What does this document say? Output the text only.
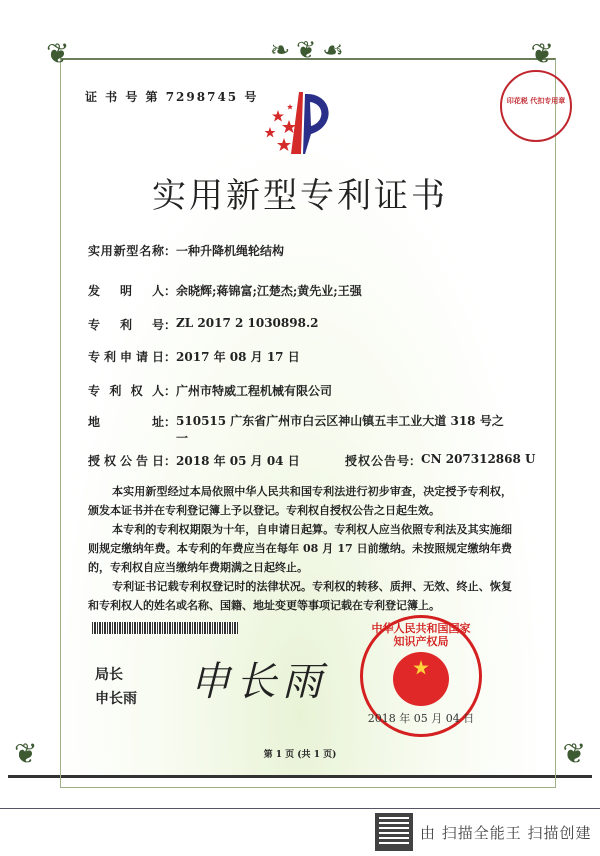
❦	❦
❦	❦
❧❦☙
证 书 号 第 7298745 号	印花税 代扣专用章
实用新型专利证书
实用新型名称 ： 一种升降机绳轮结构
发明人 ： 余晓辉;蒋锦富;江楚杰;黄先业;王强
专利号 ： ZL 2017 2 1030898.2
专利申请日 ： 2017 年 08 月 17 日
专利权人 ： 广州市特威工程机械有限公司
地址 ： 510515 广东省广州市白云区神山镇五丰工业大道 318 号之一
授权公告日 ： 2018 年 05 月 04 日	授权公告号 ： CN 207312868 U

本实用新型经过本局依照中华人民共和国专利法进行初步审查，决定授予专利权，颁发本证书并在专利登记簿上予以登记。专利权自授权公告之日起生效。

本专利的专利权期限为十年，自申请日起算。专利权人应当依照专利法及其实施细则规定缴纳年费。本专利的年费应当在每年 08 月 17 日前缴纳。未按照规定缴纳年费的，专利权自应当缴纳年费期满之日起终止。

专利证书记载专利权登记时的法律状况。专利权的转移、质押、无效、终止、恢复和专利权人的姓名或名称、国籍、地址变更等事项记载在专利登记簿上。

局长
申长雨 申长雨
中华人民共和国国家知识产权局
2018 年 05 月 04 日
第 1 页 (共 1 页)
由 扫描全能王 扫描创建
